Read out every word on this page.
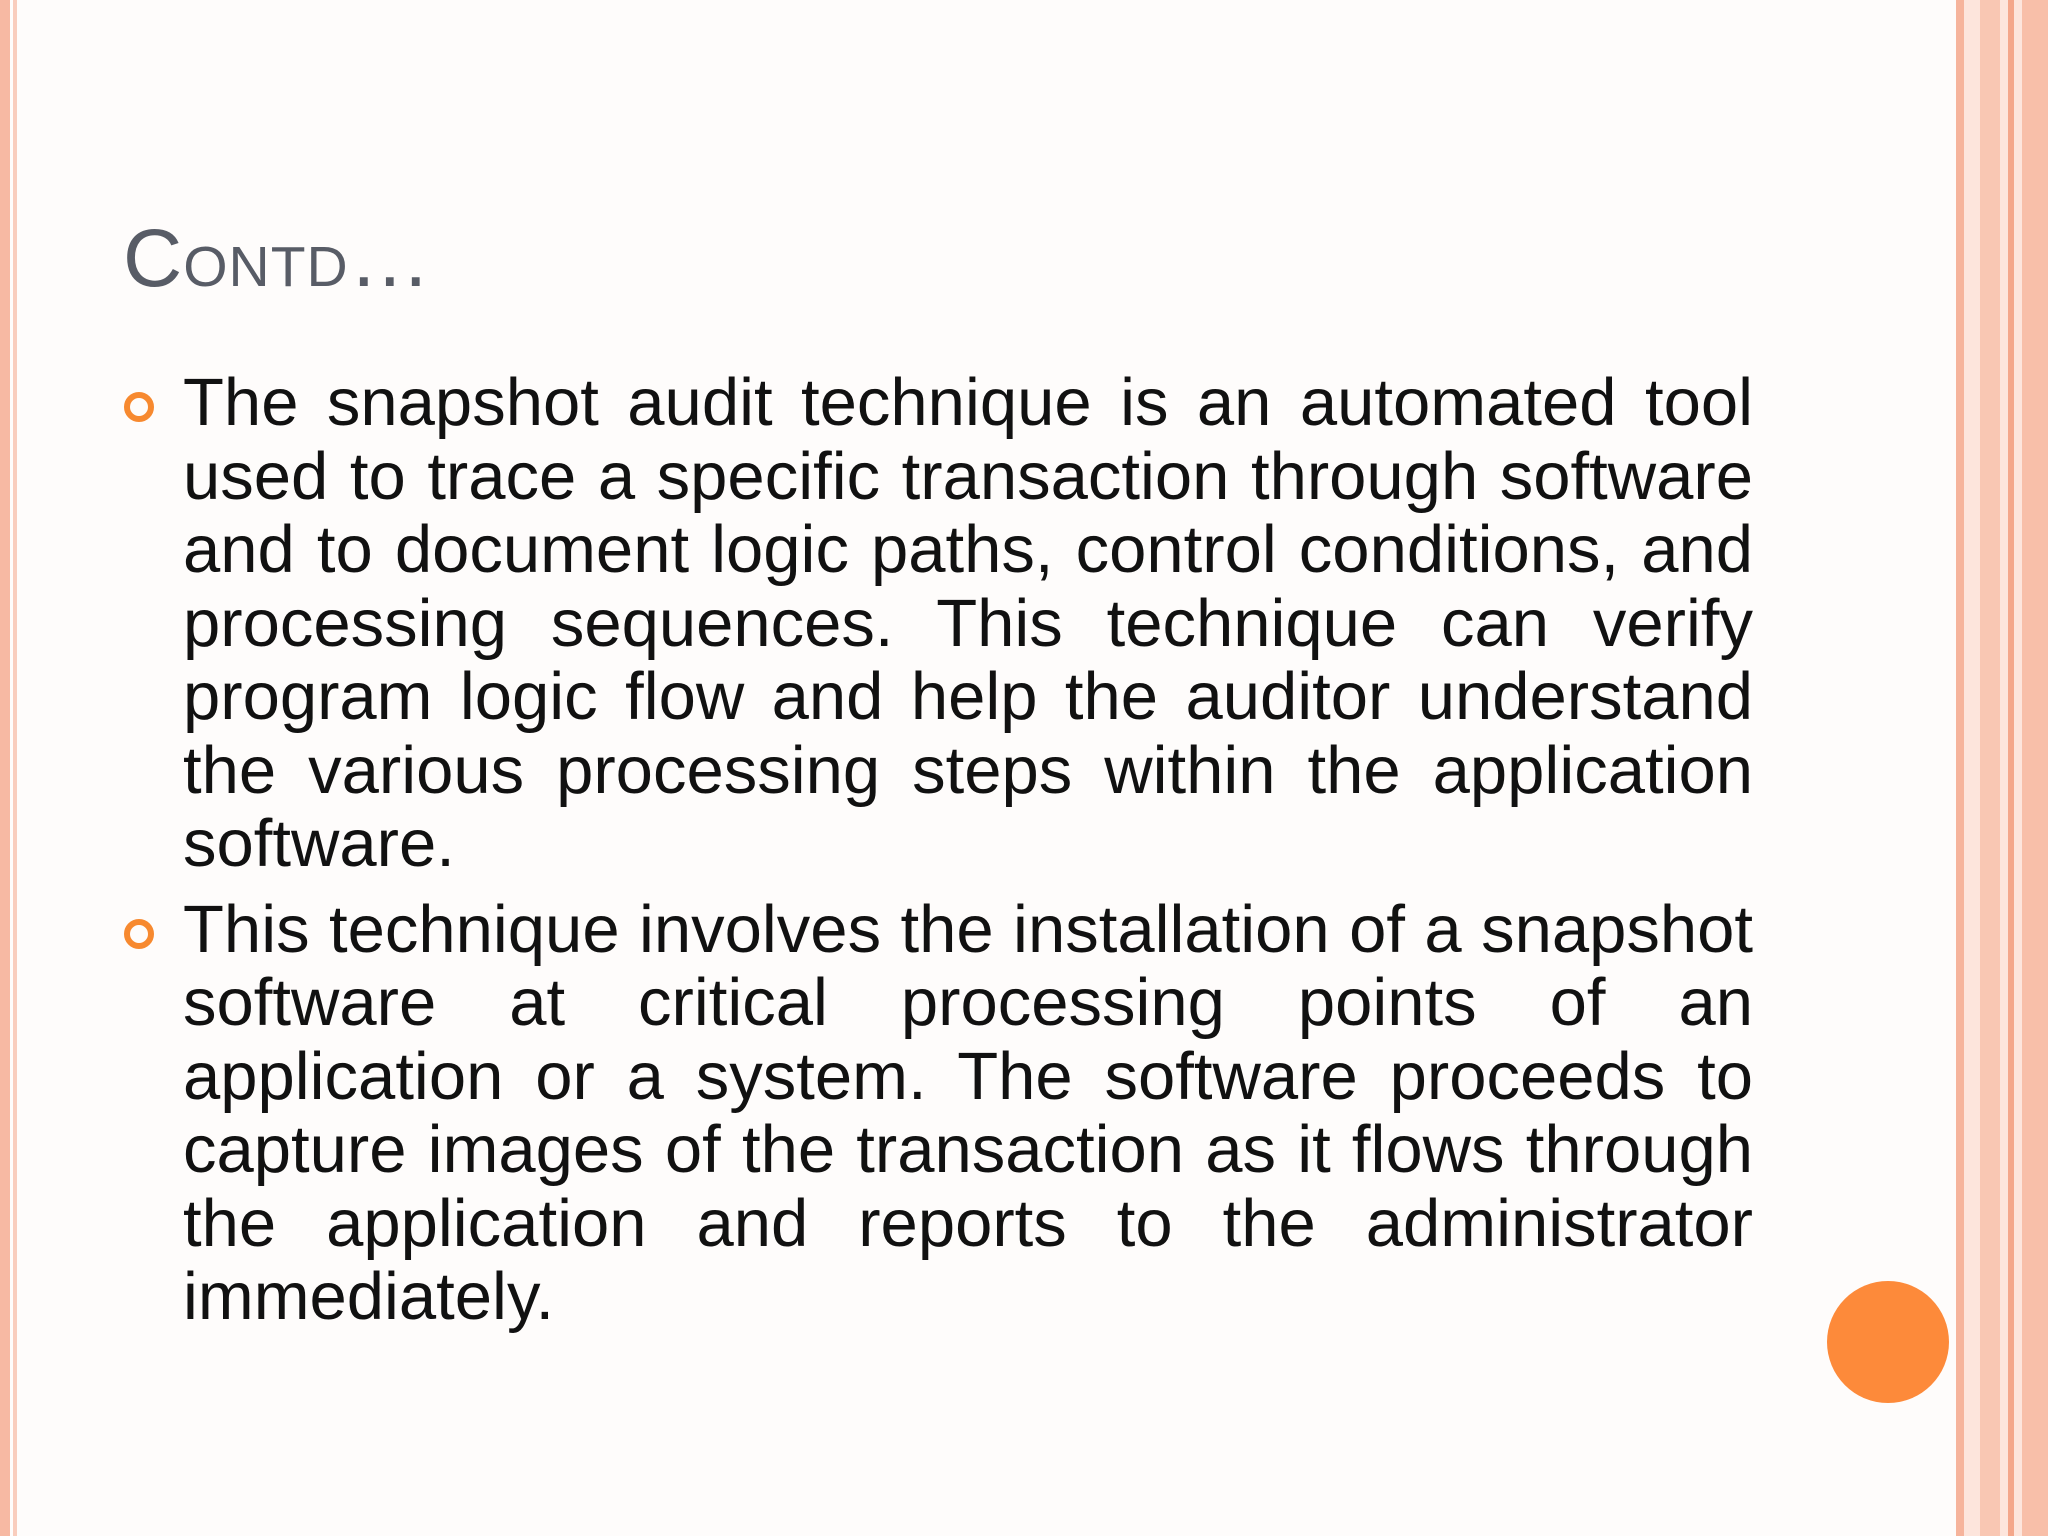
Contd…
The snapshot audit technique is an automated tool used to trace a specific transaction through software and to document logic paths, control conditions, and processing sequences. This technique can verify program logic flow and help the auditor understand the various processing steps within the application software.
This technique involves the installation of a snapshot software at critical processing points of an application or a system. The software proceeds to capture images of the transaction as it flows through the application and reports to the administrator immediately.
